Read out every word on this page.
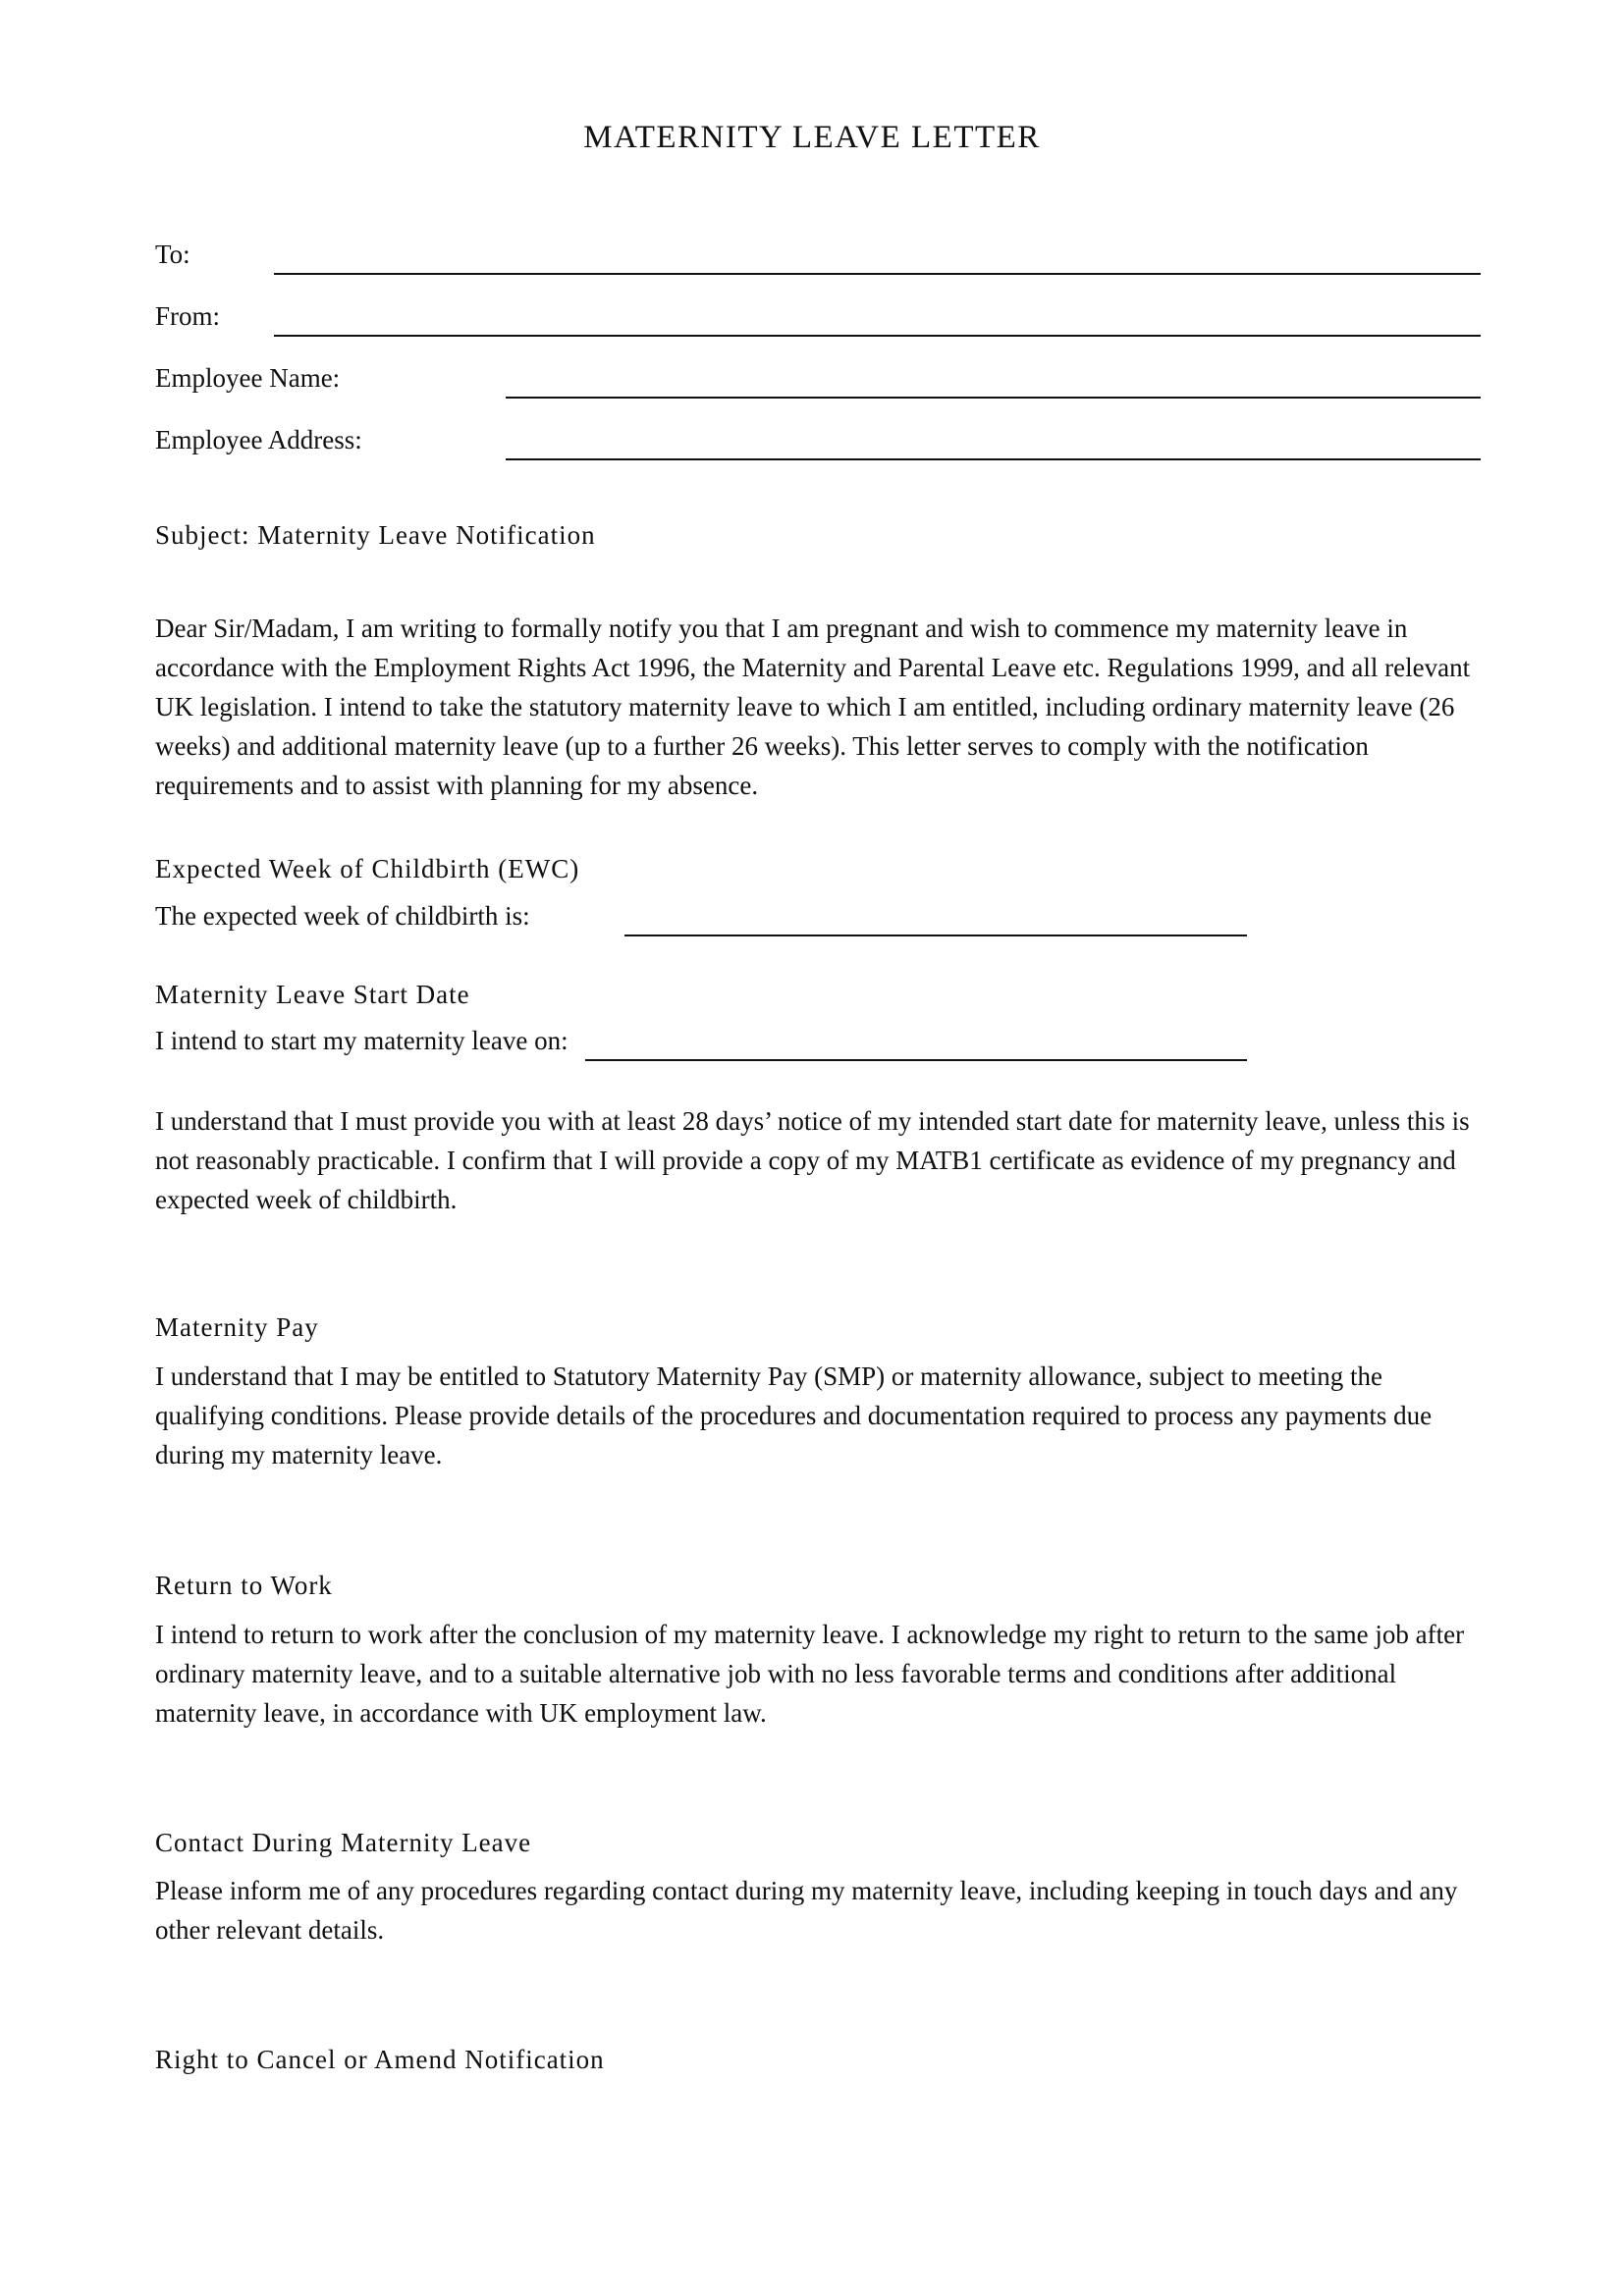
MATERNITY LEAVE LETTER
To:
From:
Employee Name:
Employee Address:
Subject: Maternity Leave Notification
Dear Sir/Madam, I am writing to formally notify you that I am pregnant and wish to commence my maternity leave in accordance with the Employment Rights Act 1996, the Maternity and Parental Leave etc. Regulations 1999, and all relevant UK legislation. I intend to take the statutory maternity leave to which I am entitled, including ordinary maternity leave (26 weeks) and additional maternity leave (up to a further 26 weeks). This letter serves to comply with the notification requirements and to assist with planning for my absence.
Expected Week of Childbirth (EWC)
The expected week of childbirth is:
Maternity Leave Start Date
I intend to start my maternity leave on:
I understand that I must provide you with at least 28 days’ notice of my intended start date for maternity leave, unless this is not reasonably practicable. I confirm that I will provide a copy of my MATB1 certificate as evidence of my pregnancy and expected week of childbirth.
Maternity Pay
I understand that I may be entitled to Statutory Maternity Pay (SMP) or maternity allowance, subject to meeting the qualifying conditions. Please provide details of the procedures and documentation required to process any payments due during my maternity leave.
Return to Work
I intend to return to work after the conclusion of my maternity leave. I acknowledge my right to return to the same job after ordinary maternity leave, and to a suitable alternative job with no less favorable terms and conditions after additional maternity leave, in accordance with UK employment law.
Contact During Maternity Leave
Please inform me of any procedures regarding contact during my maternity leave, including keeping in touch days and any other relevant details.
Right to Cancel or Amend Notification
